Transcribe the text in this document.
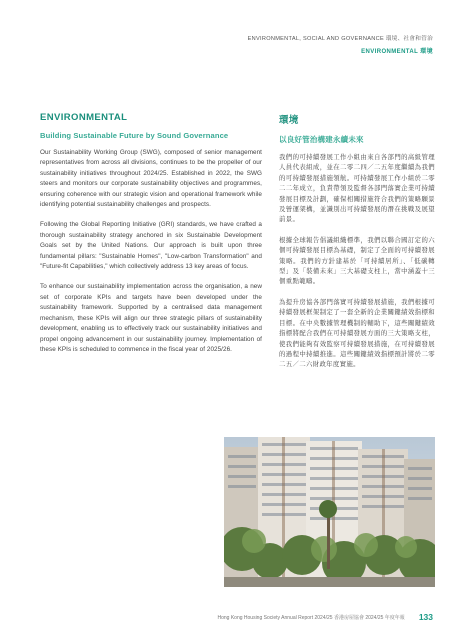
ENVIRONMENTAL, SOCIAL AND GOVERNANCE 環境、社會和管治
ENVIRONMENTAL 環境
ENVIRONMENTAL
Building Sustainable Future by Sound Governance

Our Sustainability Working Group (SWG), composed of senior management representatives from across all divisions, continues to be the propeller of our sustainability initiatives throughout 2024/25. Established in 2022, the SWG steers and monitors our corporate sustainability objectives and programmes, ensuring coherence with our strategic vision and operational framework while identifying potential sustainability challenges and prospects.

Following the Global Reporting Initiative (GRI) standards, we have crafted a thorough sustainability strategy anchored in six Sustainable Development Goals set by the United Nations. Our approach is built upon three fundamental pillars: "Sustainable Homes", "Low-carbon Transformation" and "Future-fit Capabilities," which collectively address 13 key areas of focus.

To enhance our sustainability implementation across the organisation, a new set of corporate KPIs and targets have been developed under the sustainability framework. Supported by a centralised data management mechanism, these KPIs will align our three strategic pillars of sustainability development, enabling us to effectively track our sustainability initiatives and propel ongoing advancement in our sustainability journey. Implementation of these KPIs is scheduled to commence in the fiscal year of 2025/26.

環境
以良好管治構建永續未來

我們的可持續發展工作小組由來自各部門的高級管理人員代表組成，並在二零二四／二五年度繼續為我們的可持續發展措施領航。可持續發展工作小組於二零二二年成立，負責帶領及監督各部門落實企業可持續發展目標及計劃，確保相關措施符合我們的策略願景及營運架構，並識別出可持續發展的潛在挑戰及展望前景。

根據全球報告倡議組織標準，我們以聯合國訂定的六個可持續發展目標為基礎，制定了全面的可持續發展策略。我們的方針建基於「可持續居所」、「低碳轉型」及「裝備未來」三大基礎支柱上，當中涵蓋十三個重點範疇。

為提升房協各部門落實可持續發展措施，我們根據可持續發展框架制定了一套全新的企業關鍵績效指標和目標。在中央數據管理機制的輔助下，這些關鍵績效指標將配合我們在可持續發展方面的三大策略支柱，使我們能夠有效監察可持續發展措施，在可持續發展的過程中持續推進。這些關鍵績效指標預計將於二零二五／二六財政年度實施。

Hong Kong Housing Society Annual Report 2024/25 香港房屋協會 2024/25 年度年報 133
